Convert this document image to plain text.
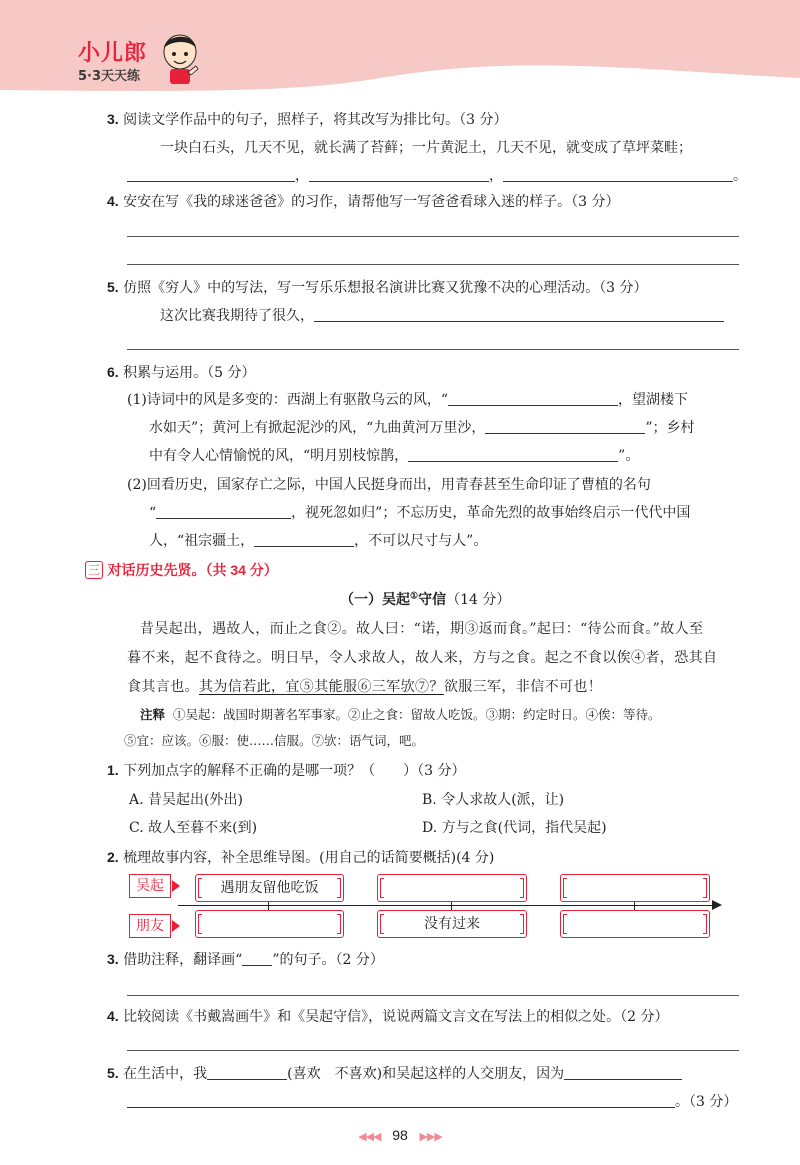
小儿郎
5·3天天练
3. 阅读文学作品中的句子，照样子，将其改写为排比句。（3 分）
一块白石头，几天不见，就长满了苔藓；一片黄泥土，几天不见，就变成了草坪菜畦；
，	，	。
4. 安安在写《我的球迷爸爸》的习作，请帮他写一写爸爸看球入迷的样子。（3 分）
5. 仿照《穷人》中的写法，写一写乐乐想报名演讲比赛又犹豫不决的心理活动。（3 分）
这次比赛我期待了很久，
6. 积累与运用。（5 分）
(1)诗词中的风是多变的：西湖上有驱散乌云的风，“	，望湖楼下
水如天”；黄河上有掀起泥沙的风，“九曲黄河万里沙，	”；乡村
中有令人心情愉悦的风，“明月别枝惊鹊，	”。
(2)回看历史，国家存亡之际，中国人民挺身而出，用青春甚至生命印证了曹植的名句
“	，视死忽如归”；不忘历史，革命先烈的故事始终启示一代代中国
人，“祖宗疆土，	，不可以尺寸与人”。
三 对话历史先贤。（共 34 分）
（一）吴起①守信（14 分）
昔吴起出，遇故人，而止之食②。故人曰：“诺，期③返而食。”起曰：“待公而食。”故人至
暮不来，起不食待之。明日早，令人求故人，故人来，方与之食。起之不食以俟④者，恐其自
食其言也。其为信若此，宜⑤其能服⑥三军欤⑦？欲服三军，非信不可也！
注释 ①吴起：战国时期著名军事家。②止之食：留故人吃饭。③期：约定时日。④俟：等待。
⑤宜：应该。⑥服：使……信服。⑦欤：语气词，吧。
1. 下列加点字的解释不正确的是哪一项？（　　）（3 分）
A. 昔吴起出(外出)	B. 令人求故人(派，让)
C. 故人至暮不来(到)	D. 方与之食(代词，指代吴起)
2. 梳理故事内容，补全思维导图。(用自己的话简要概括)(4 分)
吴起
朋友
遇朋友留他吃饭
没有过来
3. 借助注释，翻译画“ ”的句子。（2 分）
4. 比较阅读《书戴嵩画牛》和《吴起守信》，说说两篇文言文在写法上的相似之处。（2 分）
5. 在生活中，我	(喜欢　不喜欢)和吴起这样的人交朋友，因为
。（3 分）
◀◀◀ 98 ▶▶▶
